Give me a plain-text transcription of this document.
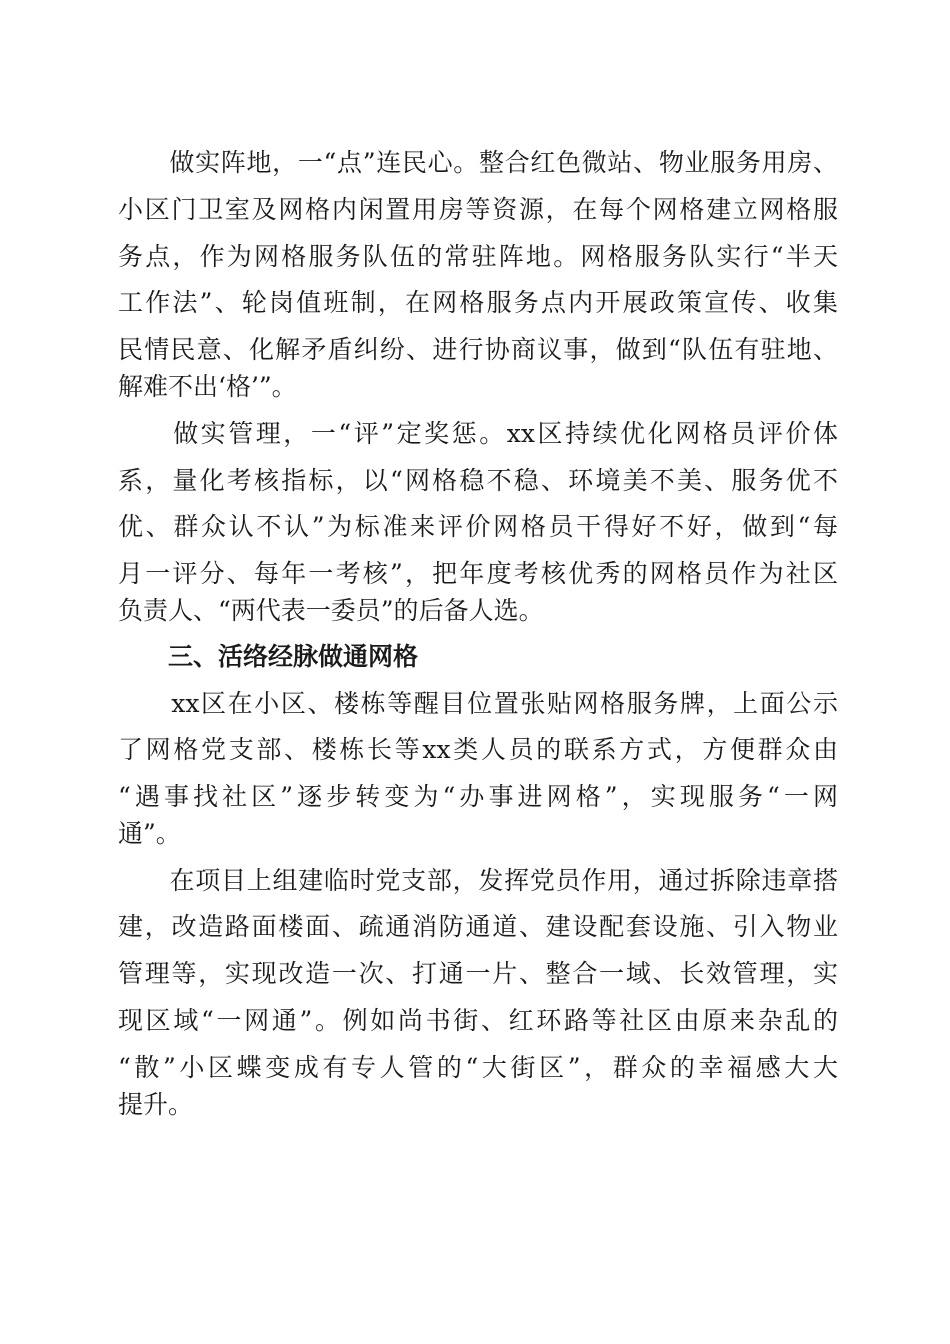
　　做实阵地，一“点”连民心。整合红色微站、物业服务用房、

小区门卫室及网格内闲置用房等资源，在每个网格建立网格服

务点，作为网格服务队伍的常驻阵地。网格服务队实行“半天

工作法”、轮岗值班制，在网格服务点内开展政策宣传、收集

民情民意、化解矛盾纠纷、进行协商议事，做到“队伍有驻地、

解难不出‘格’”。

　　做实管理，一“评”定奖惩。xx区持续优化网格员评价体

系，量化考核指标，以“网格稳不稳、环境美不美、服务优不

优、群众认不认”为标准来评价网格员干得好不好，做到“每

月一评分、每年一考核”，把年度考核优秀的网格员作为社区

负责人、“两代表一委员”的后备人选。

　　三、活络经脉做通网格

　　xx区在小区、楼栋等醒目位置张贴网格服务牌，上面公示

了网格党支部、楼栋长等xx类人员的联系方式，方便群众由

“遇事找社区”逐步转变为“办事进网格”，实现服务“一网

通”。

　　在项目上组建临时党支部，发挥党员作用，通过拆除违章搭

建，改造路面楼面、疏通消防通道、建设配套设施、引入物业

管理等，实现改造一次、打通一片、整合一域、长效管理，实

现区域“一网通”。例如尚书街、红环路等社区由原来杂乱的

“散”小区蝶变成有专人管的“大街区”，群众的幸福感大大

提升。
